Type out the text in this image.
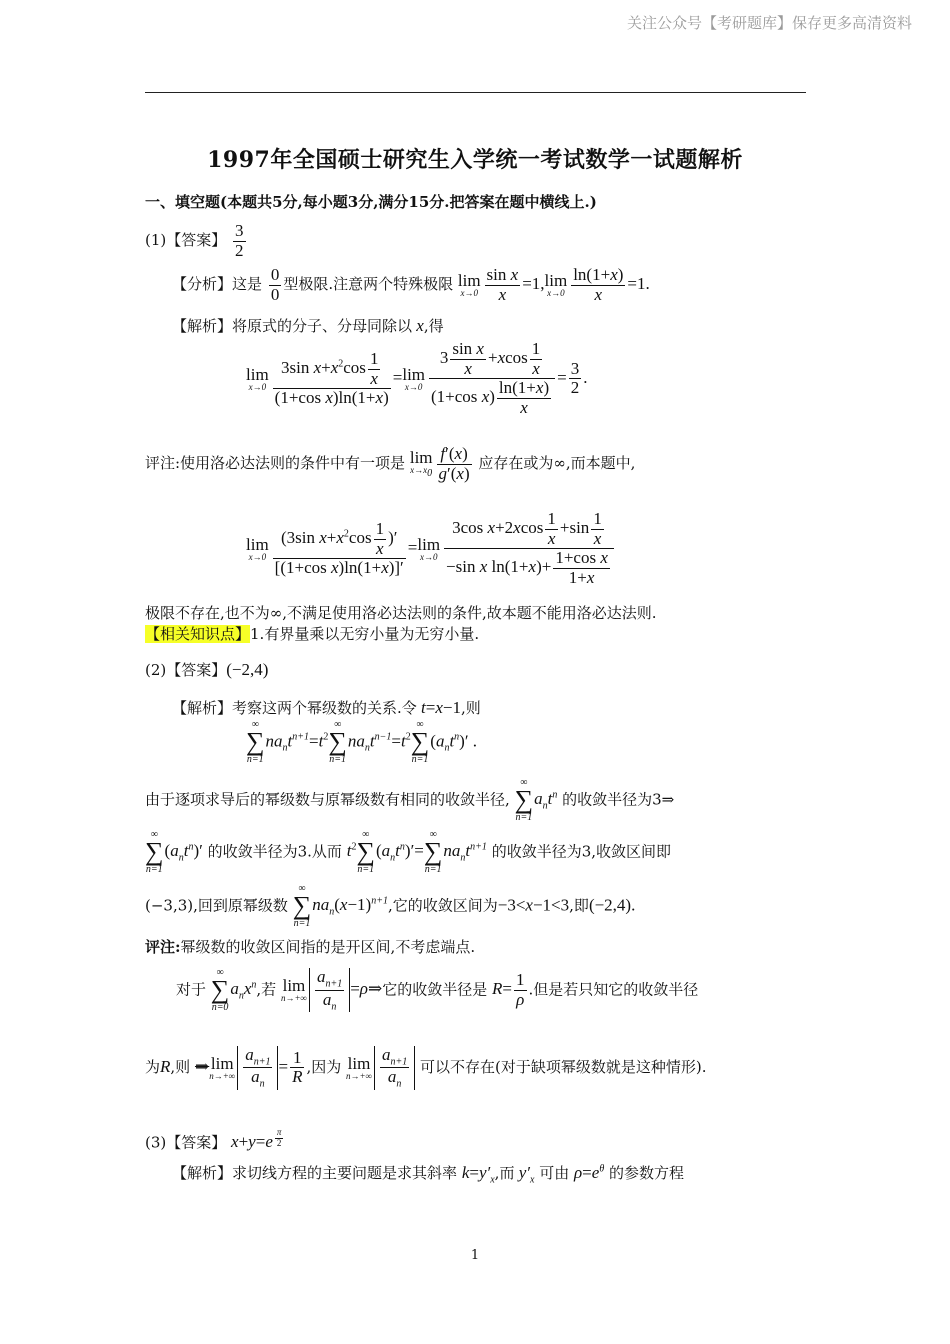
关注公众号【考研题库】保存更多高清资料
1997年全国硕士研究生入学统一考试数学一试题解析
一、填空题(本题共5分,每小题3分,满分15分.把答案在题中横线上.)
(1)【答案】 $\frac{3}{2}$
【分析】这是 $\frac{0}{0}$ 型极限.注意两个特殊极限 lim
$x\to 0 \frac{\text{sin x}}{x} =1$, lim
$x\to 0 \frac{\ln(1+x)}{x} =1$.
【解析】将原式的分子、分母同除以 x,得
lim
$x\to 0 \frac{3\sin x+x^2\cos \frac{1}{x}}{\text{(1+cos x)ln(1+x)}} = \lim$
$x\to 0 \frac{3 \frac{\text{sin x}}{x} +xcos \frac{1}{x}}{(1+\cos x) \frac{\ln(1+x)}{x}} = \frac{3}{2}$ .
评注:使用洛必达法则的条件中有一项是 lim
$x\to x_0 \frac{f'(x)}{g'(x)}$ 应存在或为∞,而本题中,
lim
$x\to 0 \frac{(3\sin x+x^2\cos \frac{1}{x} )'}{\text{[(1+cos x)ln(1+x)]′}} = \lim$
$x\to 0 \frac{3\cos x+2xcos \frac{1}{x} +\sin \frac{1}{x}}{-\sin x \ln(1+x)+ \frac{\text{1+cos x}}{1+x}}$
极限不存在,也不为∞,不满足使用洛必达法则的条件,故本题不能用洛必达法则.
【相关知识点】1.有界量乘以无穷小量为无穷小量.
(2)【答案】(−2,4)
【解析】考察这两个幂级数的关系.令 t=x−1,则
∞
∑
n=1
$na_nt^{n+1}=t^2$
∞
∑
n=1
$na_nt^{n-1}=t^2$
∞
∑
n=1
$(a_nt^n)'$ .
由于逐项求导后的幂级数与原幂级数有相同的收敛半径,
∞
∑
n=1
$a_nt^n$ 的收敛半径为3⇒
∞
∑
n=1
$(a_nt^n)'$ 的收敛半径为3.从而 $t^2$
∞
∑
n=1
$(a_nt^n)'=$
∞
∑
n=1
$na_nt^{n+1}$ 的收敛半径为3,收敛区间即
(−3,3),回到原幂级数
∞
∑
n=1
$na_n(x-1)^{n+1}$,它的收敛区间为−3<x−1<3,即(−2,4).
评注:幂级数的收敛区间指的是开区间,不考虑端点.
对于
∞
∑
n=0
$a_nx^n$,若 lim
$n\to+\infty \frac{a_{n+1}}{a_n}$ =ρ⇒它的收敛半径是 $R= \frac{1}{\rho}$ .但是若只知它的收敛半径
为R,则 ⇒ lim
$n\to+\infty \frac{a_{n+1}}{a_n} = \frac{1}{R}$ ,因为 lim
$n\to+\infty \frac{a_{n+1}}{a_n}$ 可以不存在(对于缺项幂级数就是这种情形).
(3)【答案】 x+y=e $^{\frac{\pi}{2}}$
【解析】求切线方程的主要问题是求其斜率 $k=y'_x$,而 $y'_x$ 可由 $\rho=e^\theta$ 的参数方程
1
